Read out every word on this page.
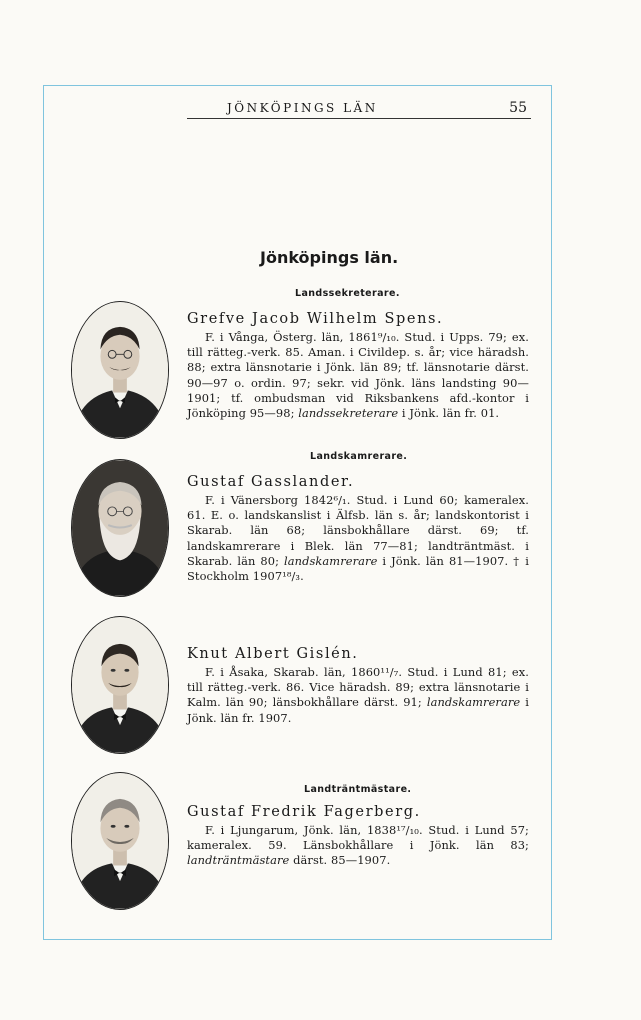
JÖNKÖPINGS LÄN	55
Jönköpings län.
Landssekreterare.
Landskamrerare.
Landträntmästare.
Grefve Jacob Wilhelm Spens.

F. i Vånga, Österg. län, 1861⁹/₁₀. Stud. i Upps. 79; ex. till rätteg.-verk. 85. Aman. i Civildep. s. år; vice häradsh. 88; extra länsnotarie i Jönk. län 89; tf. länsnotarie därst. 90—97 o. ordin. 97; sekr. vid Jönk. läns landsting 90—1901; tf. ombudsman vid Riksbankens afd.-kontor i Jönköping 95—98; landssekreterare i Jönk. län fr. 01.

Gustaf Gasslander.

F. i Vänersborg 1842⁶/₁. Stud. i Lund 60; kameralex. 61. E. o. landskanslist i Älfsb. län s. år; landskontorist i Skarab. län 68; länsbokhållare därst. 69; tf. landskamrerare i Blek. län 77—81; landträntmäst. i Skarab. län 80; landskamrerare i Jönk. län 81—1907. † i Stockholm 1907¹⁸/₃.

Knut Albert Gislén.

F. i Åsaka, Skarab. län, 1860¹¹/₇. Stud. i Lund 81; ex. till rätteg.-verk. 86. Vice häradsh. 89; extra länsnotarie i Kalm. län 90; länsbokhållare därst. 91; landskamrerare i Jönk. län fr. 1907.

Gustaf Fredrik Fagerberg.

F. i Ljungarum, Jönk. län, 1838¹⁷/₁₀. Stud. i Lund 57; kameralex. 59. Länsbokhållare i Jönk. län 83; landträntmästare därst. 85—1907.
